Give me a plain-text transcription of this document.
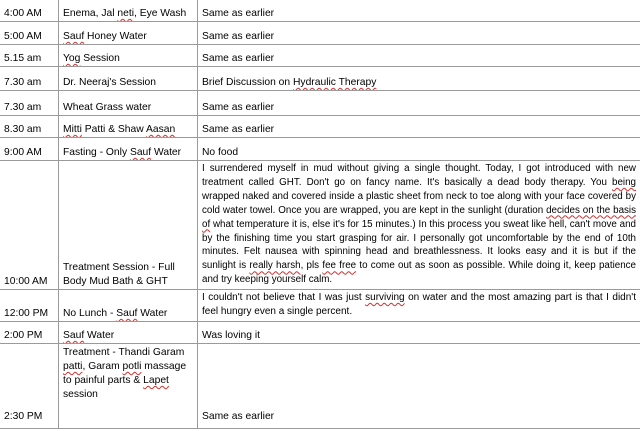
4:00 AM	Enema, Jal neti, Eye Wash	Same as earlier
5:00 AM	Sauf Honey Water	Same as earlier
5.15 am	Yog Session	Same as earlier
7.30 am	Dr. Neeraj's Session	Brief Discussion on Hydraulic Therapy
7.30 am	Wheat Grass water	Same as earlier
8.30 am	Mitti Patti & Shaw Aasan	Same as earlier
9:00 AM	Fasting - Only Sauf Water	No food
10:00 AM	Treatment Session - Full Body Mud Bath & GHT	I surrendered myself in mud without giving a single thought. Today, I got introduced with new treatment called GHT. Don't go on fancy name. It's basically a dead body therapy. You being wrapped naked and covered inside a plastic sheet from neck to toe along with your face covered by cold water towel. Once you are wrapped, you are kept in the sunlight (duration decides on the basis of what temperature it is, else it's for 15 minutes.) In this process you sweat like hell, can't move and by the finishing time you start grasping for air. I personally got uncomfortable by the end of 10th minutes. Felt nausea with spinning head and breathlessness. It looks easy and it is but if the sunlight is really harsh, pls fee free to come out as soon as possible. While doing it, keep patience and try keeping yourself calm.
12:00 PM	No Lunch - Sauf Water	I couldn't not believe that I was just surviving on water and the most amazing part is that I didn't feel hungry even a single percent.
2:00 PM	Sauf Water	Was loving it
2:30 PM	Treatment - Thandi Garam patti, Garam potli massage to painful parts & Lapet session	Same as earlier
